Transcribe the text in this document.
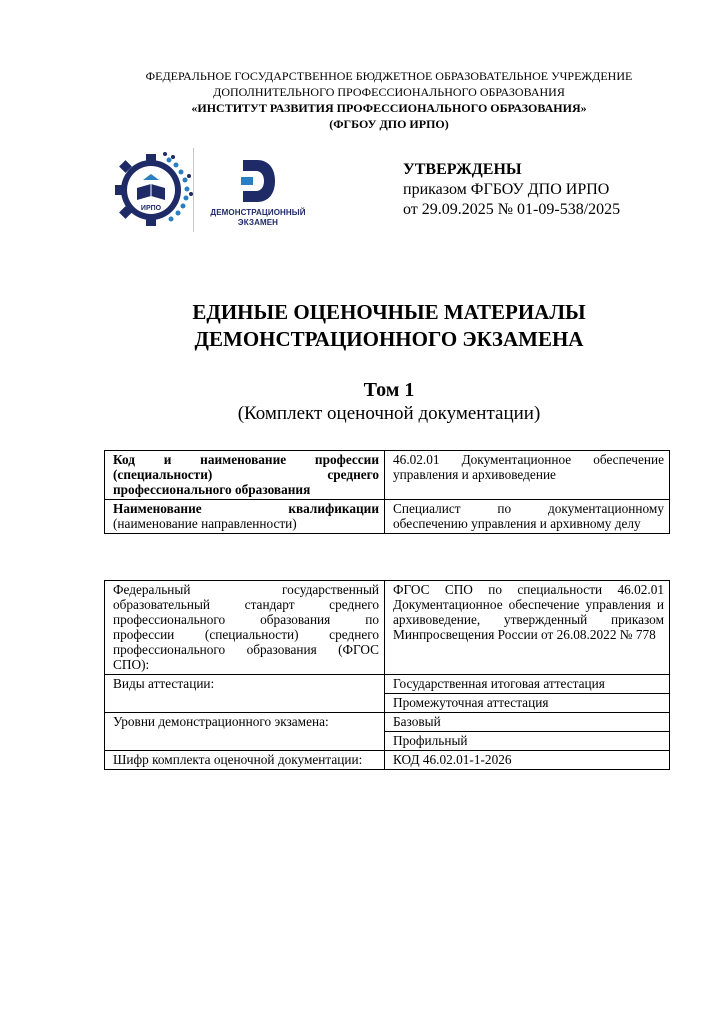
ФЕДЕРАЛЬНОЕ ГОСУДАРСТВЕННОЕ БЮДЖЕТНОЕ ОБРАЗОВАТЕЛЬНОЕ УЧРЕЖДЕНИЕ
ДОПОЛНИТЕЛЬНОГО ПРОФЕССИОНАЛЬНОГО ОБРАЗОВАНИЯ
«ИНСТИТУТ РАЗВИТИЯ ПРОФЕССИОНАЛЬНОГО ОБРАЗОВАНИЯ»
(ФГБОУ ДПО ИРПО)
ИРПО	ДЕМОНСТРАЦИОННЫЙ
ЭКЗАМЕН
УТВЕРЖДЕНЫ
приказом ФГБОУ ДПО ИРПО
от 29.09.2025 № 01-09-538/2025
ЕДИНЫЕ ОЦЕНОЧНЫЕ МАТЕРИАЛЫ
ДЕМОНСТРАЦИОННОГО ЭКЗАМЕНА
Том 1
(Комплект оценочной документации)
Код и наименование профессии (специальности) среднего профессионального образования	46.02.01 Документационное обеспечение управления и архивоведение

Наименование квалификации
(наименование направленности)	Специалист по документационному обеспечению управления и архивному делу
Федеральный государственный образовательный стандарт среднего профессионального образования по профессии (специальности) среднего профессионального образования (ФГОС СПО):	ФГОС СПО по специальности 46.02.01 Документационное обеспечение управления и архивоведение, утвержденный приказом Минпросвещения России от 26.08.2022 № 778
Виды аттестации:	Государственная итоговая аттестация
	Промежуточная аттестация
Уровни демонстрационного экзамена:	Базовый
	Профильный
Шифр комплекта оценочной документации:	КОД 46.02.01-1-2026
